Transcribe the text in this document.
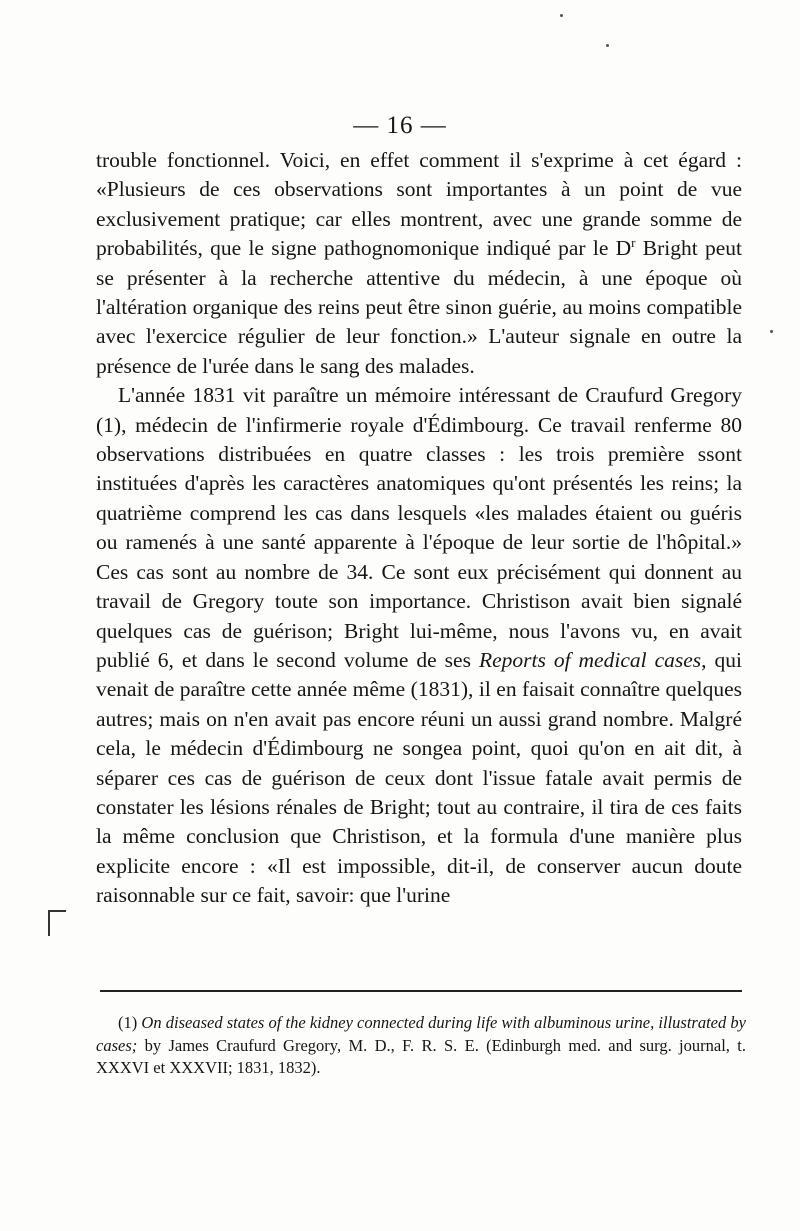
— 16 —

trouble fonctionnel. Voici, en effet comment il s'exprime à cet égard : «Plusieurs de ces observations sont importantes à un point de vue exclusivement pratique; car elles montrent, avec une grande somme de probabilités, que le signe pathognomonique indiqué par le $D^r$ Bright peut se présenter à la recherche attentive du médecin, à une époque où l'altération organique des reins peut être sinon guérie, au moins compatible avec l'exercice régulier de leur fonction.» L'auteur signale en outre la présence de l'urée dans le sang des malades.

L'année 1831 vit paraître un mémoire intéressant de Craufurd Gregory (1), médecin de l'infirmerie royale d'Édimbourg. Ce travail renferme 80 observations distribuées en quatre classes : les trois première ssont instituées d'après les caractères anatomiques qu'ont présentés les reins; la quatrième comprend les cas dans lesquels «les malades étaient ou guéris ou ramenés à une santé apparente à l'époque de leur sortie de l'hôpital.» Ces cas sont au nombre de 34. Ce sont eux précisément qui donnent au travail de Gregory toute son importance. Christison avait bien signalé quelques cas de guérison; Bright lui-même, nous l'avons vu, en avait publié 6, et dans le second volume de ses Reports of medical cases, qui venait de paraître cette année même (1831), il en faisait connaître quelques autres; mais on n'en avait pas encore réuni un aussi grand nombre. Malgré cela, le médecin d'Édimbourg ne songea point, quoi qu'on en ait dit, à séparer ces cas de guérison de ceux dont l'issue fatale avait permis de constater les lésions rénales de Bright; tout au contraire, il tira de ces faits la même conclusion que Christison, et la formula d'une manière plus explicite encore : «Il est impossible, dit-il, de conserver aucun doute raisonnable sur ce fait, savoir: que l'urine

(1) On diseased states of the kidney connected during life with albuminous urine, illustrated by cases; by James Craufurd Gregory, M. D., F. R. S. E. (Edinburgh med. and surg. journal, t. XXXVI et XXXVII; 1831, 1832).
